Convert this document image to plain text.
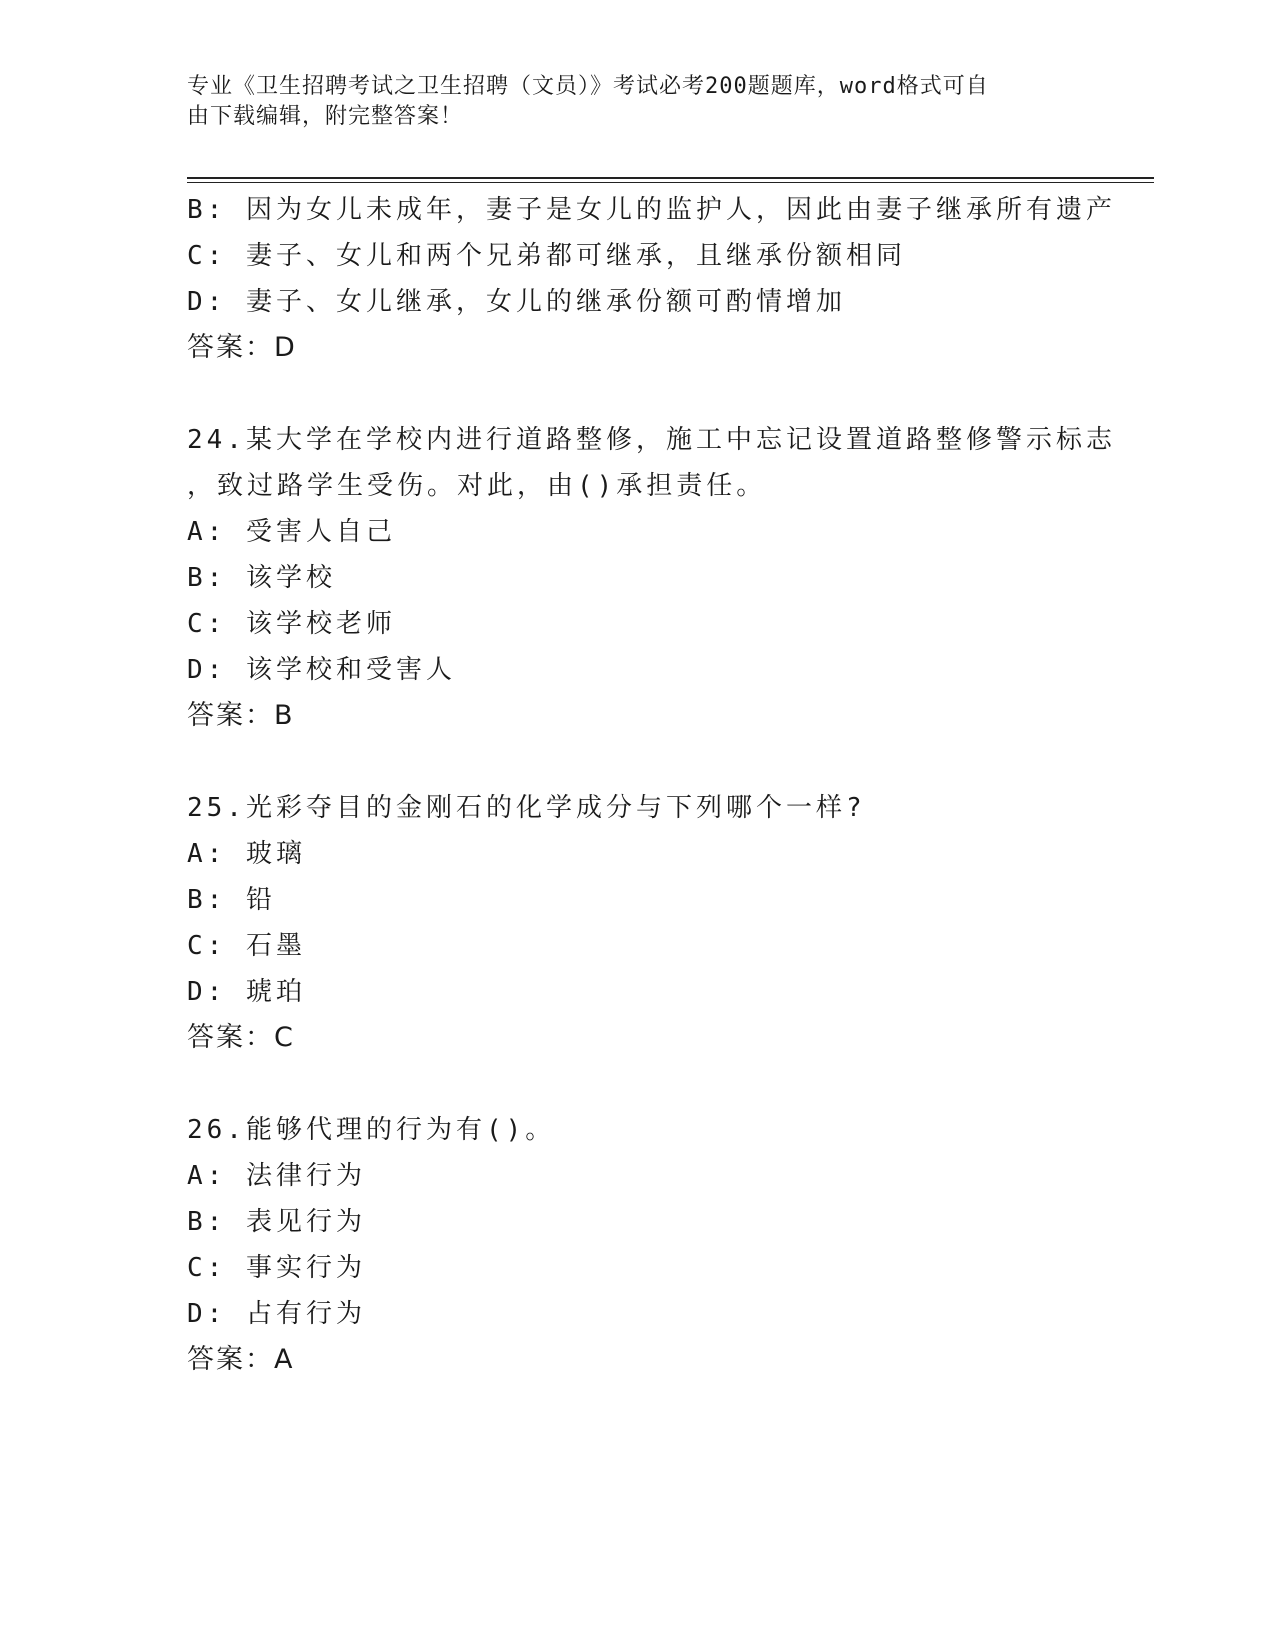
专业《卫生招聘考试之卫生招聘（文员）》考试必考200题题库，word格式可自
由下载编辑，附完整答案！
B: 因为女儿未成年，妻子是女儿的监护人，因此由妻子继承所有遗产
C: 妻子、女儿和两个兄弟都可继承，且继承份额相同
D: 妻子、女儿继承，女儿的继承份额可酌情增加
答案：D
24.某大学在学校内进行道路整修，施工中忘记设置道路整修警示标志
，致过路学生受伤。对此，由()承担责任。
A: 受害人自己
B: 该学校
C: 该学校老师
D: 该学校和受害人
答案：B
25.光彩夺目的金刚石的化学成分与下列哪个一样?
A: 玻璃
B: 铅
C: 石墨
D: 琥珀
答案：C
26.能够代理的行为有()。
A: 法律行为
B: 表见行为
C: 事实行为
D: 占有行为
答案：A
